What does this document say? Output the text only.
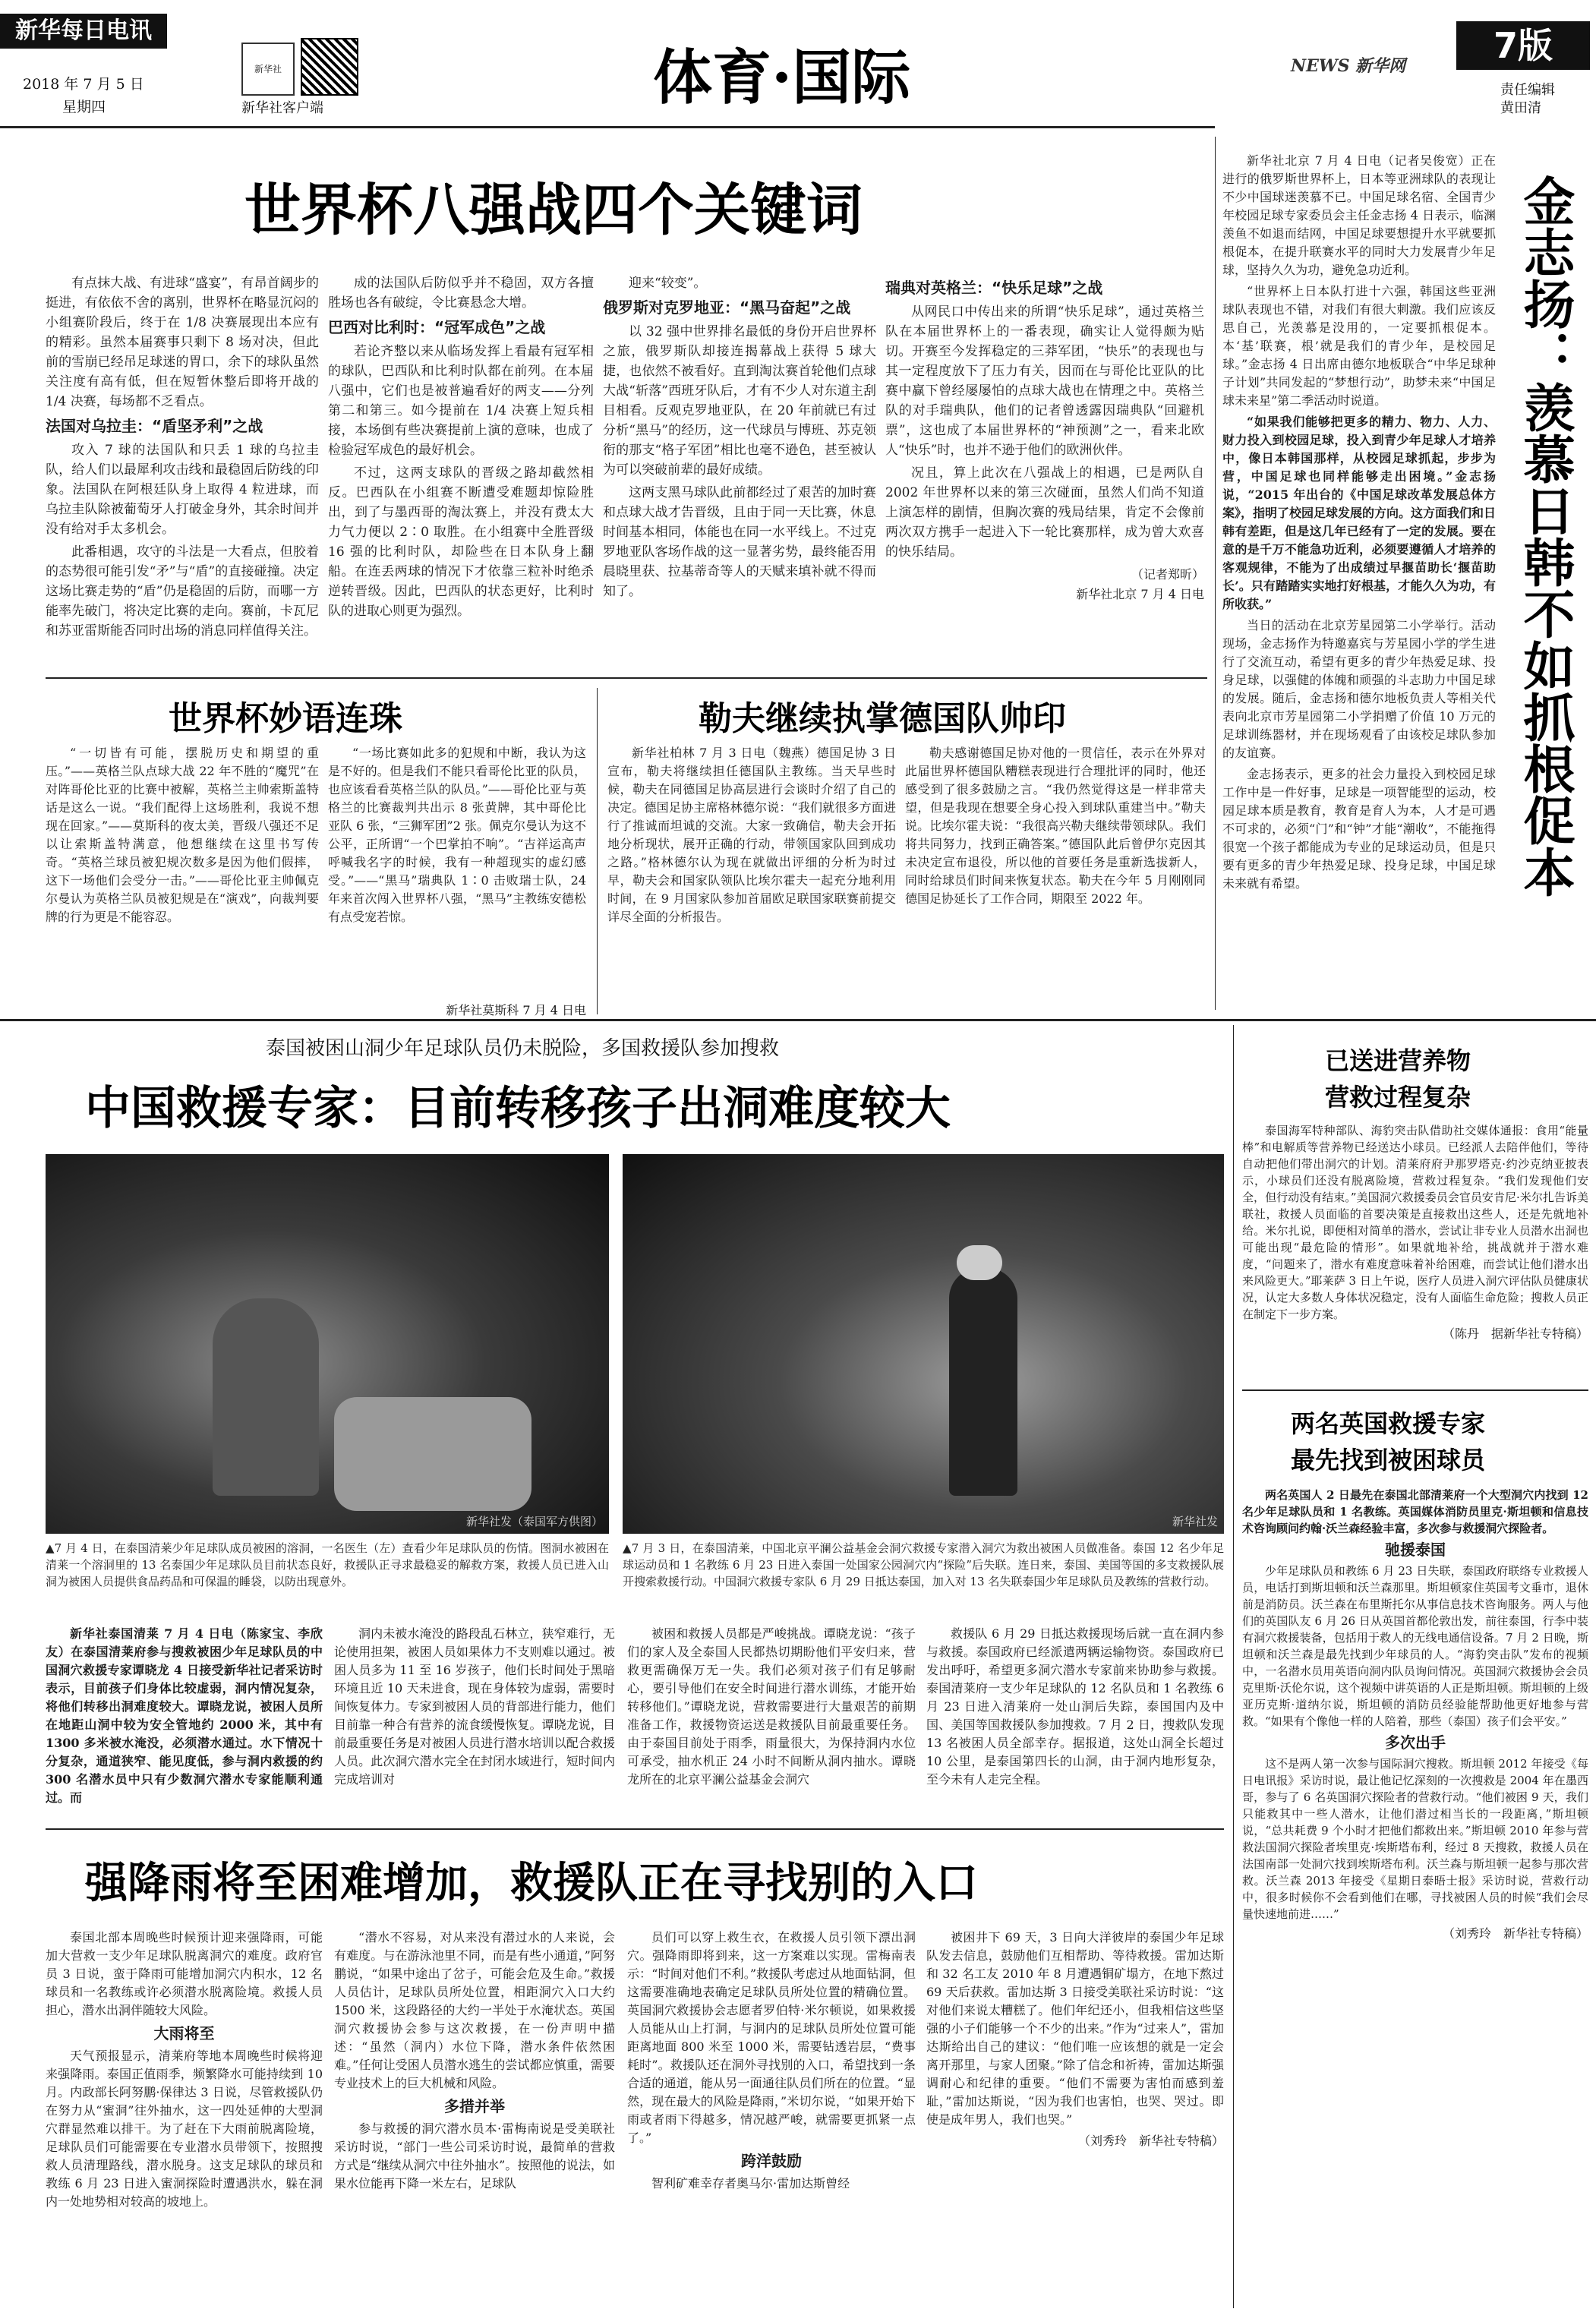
新华每日电讯
2018 年 7 月 5 日
星期四
新华社
新华社客户端	体育·国际	NEWS 新华网	7版
责任编辑
黄田清
世界杯八强战四个关键词

有点抹大战、有进球“盛宴”，有昂首阔步的挺进，有依依不舍的离别，世界杯在略显沉闷的小组赛阶段后，终于在 1/8 决赛展现出本应有的精彩。虽然本届赛事只剩下 8 场对决，但此前的雪崩已经吊足球迷的胃口，余下的球队虽然关注度有高有低，但在短暂休整后即将开战的 1/4 决赛，每场都不乏看点。

法国对乌拉圭：“盾坚矛利”之战

攻入 7 球的法国队和只丢 1 球的乌拉圭队，给人们以最犀利攻击线和最稳固后防线的印象。法国队在阿根廷队身上取得 4 粒进球，而乌拉圭队除被葡萄牙人打破金身外，其余时间并没有给对手太多机会。

此番相遇，攻守的斗法是一大看点，但胶着的态势很可能引发“矛”与“盾”的直接碰撞。决定这场比赛走势的“盾”仍是稳固的后防，而哪一方能率先破门，将决定比赛的走向。赛前，卡瓦尼和苏亚雷斯能否同时出场的消息同样值得关注。

成的法国队后防似乎并不稳固，双方各擅胜场也各有破绽，令比赛悬念大增。

巴西对比利时：“冠军成色”之战

若论齐整以来从临场发挥上看最有冠军相的球队，巴西队和比利时队都在前列。在本届八强中，它们也是被普遍看好的两支——分列第二和第三。如今提前在 1/4 决赛上短兵相接，本场倒有些决赛提前上演的意味，也成了检验冠军成色的最好机会。

不过，这两支球队的晋级之路却截然相反。巴西队在小组赛不断遭受难题却惊险胜出，到了与墨西哥的淘汰赛上，并没有费太大力气力便以 2∶0 取胜。在小组赛中全胜晋级 16 强的比利时队，却险些在日本队身上翻船。在连丢两球的情况下才依靠三粒补时绝杀逆转晋级。因此，巴西队的状态更好，比利时队的进取心则更为强烈。

迎来“较变”。

俄罗斯对克罗地亚：“黑马奋起”之战

以 32 强中世界排名最低的身份开启世界杯之旅，俄罗斯队却接连揭幕战上获得 5 球大捷，也依然不被看好。直到淘汰赛首轮他们点球大战“斩落”西班牙队后，才有不少人对东道主刮目相看。反观克罗地亚队，在 20 年前就已有过分析“黑马”的经历，这一代球员与博班、苏克领衔的那支“格子军团”相比也毫不逊色，甚至被认为可以突破前辈的最好成绩。

这两支黑马球队此前都经过了艰苦的加时赛和点球大战才告晋级，且由于同一天比赛，休息时间基本相同，体能也在同一水平线上。不过克罗地亚队客场作战的这一显著劣势，最终能否用晨晓里获、拉基蒂奇等人的天赋来填补就不得而知了。

瑞典对英格兰：“快乐足球”之战

从网民口中传出来的所谓“快乐足球”，通过英格兰队在本届世界杯上的一番表现，确实让人觉得颇为贴切。开赛至今发挥稳定的三莽军团，“快乐”的表现也与其一定程度放下了压力有关，因而在与哥伦比亚队的比赛中赢下曾经屡屡怕的点球大战也在情理之中。英格兰队的对手瑞典队，他们的记者曾透露因瑞典队“回避机票”，这也成了本届世界杯的“神预测”之一，看来北欧人“快乐”时，也并不逊于他们的欧洲伙伴。

况且，算上此次在八强战上的相遇，已是两队自 2002 年世界杯以来的第三次碰面，虽然人们尚不知道上演怎样的剧情，但胸次赛的残局结果，肯定不会像前两次双方携手一起进入下一轮比赛那样，成为曾大欢喜的快乐结局。

（记者郑昕）
新华社北京 7 月 4 日电
世界杯妙语连珠

“一切皆有可能，摆脱历史和期望的重压。”——英格兰队点球大战 22 年不胜的“魔咒”在对阵哥伦比亚的比赛中被解，英格兰主帅索斯盖特话是这么一说。“我们配得上这场胜利，我说不想现在回家。”——莫斯科的夜太美，晋级八强还不足以让索斯盖特满意，他想继续在这里书写传奇。“英格兰球员被犯规次数多是因为他们假摔，这下一场他们会受分一击。”——哥伦比亚主帅佩克尔曼认为英格兰队员被犯规是在“演戏”，向裁判要牌的行为更是不能容忍。

“一场比赛如此多的犯规和中断，我认为这是不好的。但是我们不能只看哥伦比亚的队员，也应该看看英格兰队的队员。”——哥伦比亚与英格兰的比赛裁判共出示 8 张黄牌，其中哥伦比亚队 6 张，“三狮军团”2 张。佩克尔曼认为这不公平，正所谓“一个巴掌拍不响”。“吉祥运高声呼喊我名字的时候，我有一种超现实的虚幻感受。”——“黑马”瑞典队 1∶0 击败瑞士队，24 年来首次闯入世界杯八强，“黑马”主教练安德松有点受宠若惊。

新华社莫斯科 7 月 4 日电
勒夫继续执掌德国队帅印

新华社柏林 7 月 3 日电（魏燕）德国足协 3 日宣布，勒夫将继续担任德国队主教练。当天早些时候，勒夫在同德国足协高层进行会谈时介绍了自己的决定。德国足协主席格林德尔说：“我们就很多方面进行了推诚而坦诚的交流。大家一致确信，勒夫会开拓地分析现状，展开正确的行动，带领国家队回到成功之路。”格林德尔认为现在就做出评细的分析为时过早，勒夫会和国家队领队比埃尔霍夫一起充分地利用时间，在 9 月国家队参加首届欧足联国家联赛前提交详尽全面的分析报告。

勒夫感谢德国足协对他的一贯信任，表示在外界对此届世界杯德国队糟糕表现进行合理批评的同时，他还感受到了很多鼓励之言。“我仍然觉得这是一样非常夫望，但是我现在想要全身心投入到球队重建当中。”勒夫说。比埃尔霍夫说：“我很高兴勒夫继续带领球队。我们将共同努力，找到正确答案。”德国队此后曾伊尔克因其未决定宣布退役，所以他的首要任务是重新选拔新人，同时给球员们时间来恢复状态。勒夫在今年 5 月刚刚同德国足协延长了工作合同，期限至 2022 年。

新华社北京 7 月 4 日电（记者吴俊宽）正在进行的俄罗斯世界杯上，日本等亚洲球队的表现让不少中国球迷羡慕不已。中国足球名宿、全国青少年校园足球专家委员会主任金志扬 4 日表示，临渊羡鱼不如退而结网，中国足球要想提升水平就要抓根促本，在提升联赛水平的同时大力发展青少年足球，坚持久久为功，避免急功近利。

“世界杯上日本队打进十六强，韩国这些亚洲球队表现也不错，对我们有很大刺激。我们应该反思自己，光羡慕是没用的，一定要抓根促本。本‘基’联赛，根’就是我们的青少年，是校园足球。”金志扬 4 日出席由德尔地板联合“中华足球种子计划”共同发起的“梦想行动”，助梦未来“中国足球未来星”第二季活动时说道。

“如果我们能够把更多的精力、物力、人力、财力投入到校园足球，投入到青少年足球人才培养中，像日本韩国那样，从校园足球抓起，步步为营，中国足球也同样能够走出困境。”金志扬说，“2015 年出台的《中国足球改革发展总体方案》，指明了校园足球发展的方向。这方面我们和日韩有差距，但是这几年已经有了一定的发展。要在意的是千万不能急功近利，必须要遵循人才培养的客观规律，不能为了出成绩过早揠苗助长‘揠苗助长’。只有踏踏实实地打好根基，才能久久为功，有所收获。”

当日的活动在北京芳星园第二小学举行。活动现场，金志扬作为特邀嘉宾与芳星园小学的学生进行了交流互动，希望有更多的青少年热爱足球、投身足球，以强健的体魄和顽强的斗志助力中国足球的发展。随后，金志扬和德尔地板负责人等相关代表向北京市芳星园第二小学捐赠了价值 10 万元的足球训练器材，并在现场观看了由该校足球队参加的友谊赛。

金志扬表示，更多的社会力量投入到校园足球工作中是一件好事，足球是一项智能型的运动，校园足球本质是教育，教育是育人为本，人才是可遇不可求的，必须“门”和“钟”才能“潮收”，不能拖得很宽一个孩子都能成为专业的足球运动员，但是只要有更多的青少年热爱足球、投身足球，中国足球未来就有希望。	金志扬：羡慕日韩不如抓根促本
泰国被困山洞少年足球队员仍未脱险，多国救援队参加搜救
中国救援专家：目前转移孩子出洞难度较大
新华社发（泰国军方供图）
▲7 月 4 日，在泰国清莱少年足球队成员被困的溶洞，一名医生（左）查看少年足球队员的伤情。图洞水被困在清莱一个溶洞里的 13 名泰国少年足球队员目前状态良好，救援队正寻求最稳妥的解救方案，救援人员已进入山洞为被困人员提供食品药品和可保温的睡袋，以防出现意外。
新华社发
▲7 月 3 日，在泰国清莱，中国北京平澜公益基金会洞穴救援专家潜入洞穴为救出被困人员做准备。泰国 12 名少年足球运动员和 1 名教练 6 月 23 日进入泰国一处国家公园洞穴内“探险”后失联。连日来，泰国、美国等国的多支救援队展开搜索救援行动。中国洞穴救援专家队 6 月 29 日抵达泰国，加入对 13 名失联泰国少年足球队员及教练的营救行动。

新华社泰国清莱 7 月 4 日电（陈家宝、李欣友）在泰国清莱府参与搜救被困少年足球队员的中国洞穴救援专家谭晓龙 4 日接受新华社记者采访时表示，目前孩子们身体比较虚弱，洞内情况复杂，将他们转移出洞难度较大。谭晓龙说，被困人员所在地距山洞中较为安全管地约 2000 米，其中有 1300 多米被水淹没，必须潜水通过。水下情况十分复杂，通道狭窄、能见度低，参与洞内救援的约 300 名潜水员中只有少数洞穴潜水专家能顺利通过。而

洞内未被水淹没的路段乱石林立，狭窄难行，无论使用担架，被困人员如果体力不支则难以通过。被困人员多为 11 至 16 岁孩子，他们长时间处于黑暗环境且近 10 天未进食，现在身体较为虚弱，需要时间恢复体力。专家到被困人员的背部进行能力，他们目前靠一种合有营养的流食缓慢恢复。谭晓龙说，目前最重要任务是对被困人员进行潜水培训以配合救援人员。此次洞穴潜水完全在封闭水域进行，短时间内完成培训对

被困和救援人员都是严峻挑战。谭晓龙说：“孩子们的家人及全泰国人民都热切期盼他们平安归来，营救更需确保万无一失。我们必须对孩子们有足够耐心，要引导他们在安全时间进行潜水训练，才能开始转移他们。”谭晓龙说，营救需要进行大量艰苦的前期准备工作，救援物资运送是救援队目前最重要任务。由于泰国目前处于雨季，雨量很大，为保持洞内水位可承受，抽水机正 24 小时不间断从洞内抽水。谭晓龙所在的北京平澜公益基金会洞穴

救援队 6 月 29 日抵达救援现场后就一直在洞内参与救援。泰国政府已经派遣两辆运输物资。泰国政府已发出呼吁，希望更多洞穴潜水专家前来协助参与救援。泰国清莱府一支少年足球队的 12 名队员和 1 名教练 6 月 23 日进入清莱府一处山洞后失踪，泰国国内及中国、美国等国救援队参加搜救。7 月 2 日，搜救队发现 13 名被困人员全部幸存。据报道，这处山洞全长超过 10 公里，是泰国第四长的山洞，由于洞内地形复杂，至今未有人走完全程。

强降雨将至困难增加，救援队正在寻找别的入口

泰国北部本周晚些时候预计迎来强降雨，可能加大营救一支少年足球队脱离洞穴的难度。政府官员 3 日说，蛮于降雨可能增加洞穴内积水，12 名球员和一名教练或许必须潜水脱离险境。救援人员担心，潜水出洞伴随较大风险。

大雨将至

天气预报显示，清莱府等地本周晚些时候将迎来强降雨。泰国正值雨季，频繁降水可能持续到 10 月。内政部长阿努鹏·保律达 3 日说，尽管救援队仍在努力从“蜜洞”往外抽水，这一四处延伸的大型洞穴群显然难以排干。为了赶在下大雨前脱离险境，足球队员们可能需要在专业潜水员带领下，按照搜救人员清理路线，潜水脱身。这支足球队的球员和教练 6 月 23 日进入蜜洞探险时遭遇洪水，躲在洞内一处地势相对较高的坡地上。

“潜水不容易，对从来没有潜过水的人来说，会有难度。与在游泳池里不同，而是有些小通道，”阿努鹏说，“如果中途出了岔子，可能会危及生命。”救援人员估计，足球队员所处位置，相距洞穴入口大约 1500 米，这段路径的大约一半处于水淹状态。英国洞穴救援协会参与这次救援，在一份声明中描述：“虽然（洞内）水位下降，潜水条件依然困难。”任何让受困人员潜水逃生的尝试都应慎重，需要专业技术上的巨大机械和风险。

多措并举

参与救援的洞穴潜水员本·雷梅南说是受美联社采访时说，“部门一些公司采访时说，最简单的营救方式是“继续从洞穴中往外抽水”。按照他的说法，如果水位能再下降一米左右，足球队

员们可以穿上救生衣，在救援人员引领下漂出洞穴。强降雨即将到来，这一方案难以实现。雷梅南表示：“时间对他们不利。”救援队考虑过从地面钻洞，但这需要准确地表确定足球队员所处位置的精确位置。英国洞穴救援协会志愿者罗伯特·米尔顿说，如果救援人员能从山上打洞，与洞内的足球队员所处位置可能距离地面 800 米至 1000 米，需要钻透岩层，“费事耗时”。救援队还在洞外寻找别的入口，希望找到一条合适的通道，能从另一面通往队员们所在的位置。“显然，现在最大的风险是降雨，”米切尔说，“如果开始下雨或者雨下得越多，情况越严峻，就需要更抓紧一点了。”

跨洋鼓励

智利矿难幸存者奥马尔·雷加达斯曾经

被困井下 69 天，3 日向大洋彼岸的泰国少年足球队发去信息，鼓励他们互相帮助、等待救援。雷加达斯和 32 名工友 2010 年 8 月遭遇铜矿塌方，在地下熬过 69 天后获救。雷加达斯 3 日接受美联社采访时说：“这对他们来说太糟糕了。他们年纪还小，但我相信这些坚强的小子们能够一个不少的出来。”作为“过来人”，雷加达斯给出自己的建议：“他们唯一应该想的就是一定会离开那里，与家人团聚。”除了信念和祈祷，雷加达斯强调耐心和纪律的重要。“他们不需要为害怕而感到羞耻，”雷加达斯说，“因为我们也害怕，也哭、哭过。即使是成年男人，我们也哭。”

（刘秀玲　新华社专特稿）
已送进营养物
营救过程复杂

泰国海军特种部队、海豹突击队借助社交媒体通报：食用“能量棒”和电解质等营养物已经送达小球员。已经派人去陪伴他们，等待自动把他们带出洞穴的计划。清莱府府尹那罗塔克·约沙克纳亚披表示，小球员们还没有脱离险境，营救过程复杂。“我们发现他们安全，但行动没有结束。”美国洞穴救援委员会官员安肯尼·米尔扎告诉美联社，救援人员面临的首要决策是直接救出这些人，还是先就地补给。米尔扎说，即便相对简单的潜水，尝试让非专业人员潜水出洞也可能出现“最危险的情形”。如果就地补给，挑战就并于潜水难度，“问题来了，潜水有难度意味着补给困难，而尝试让他们潜水出来风险更大。”耶莱萨 3 日上午说，医疗人员进入洞穴评估队员健康状况，认定大多数人身体状况稳定，没有人面临生命危险；搜救人员正在制定下一步方案。

（陈丹　据新华社专特稿）
两名英国救援专家
最先找到被困球员

两名英国人 2 日最先在泰国北部清莱府一个大型洞穴内找到 12 名少年足球队员和 1 名教练。英国媒体消防员里克·斯坦顿和信息技术咨询顾问约翰·沃兰森经验丰富，多次参与救援洞穴探险者。

驰援泰国

少年足球队员和教练 6 月 23 日失联，泰国政府联络专业救援人员，电话打到斯坦顿和沃兰森那里。斯坦顿家住英国考文垂市，退休前是消防员。沃兰森在布里斯托尔从事信息技术咨询服务。两人与他们的英国队友 6 月 26 日从英国首都伦敦出发，前往泰国，行李中装有洞穴救援装备，包括用于救人的无线电通信设备。7 月 2 日晚，斯坦顿和沃兰森是最先找到少年球员的人。“海豹突击队”发布的视频中，一名潜水员用英语向洞内队员询问情况。英国洞穴救援协会会员克里斯·沃伦尔说，这个视频中讲英语的人正是斯坦顿。斯坦顿的上级亚历克斯·道纳尔说，斯坦顿的消防员经验能帮助他更好地参与营救。“如果有个像他一样的人陪着，那些（泰国）孩子们会平安。”

多次出手

这不是两人第一次参与国际洞穴搜救。斯坦顿 2012 年接受《每日电讯报》采访时说，最让他记忆深刻的一次搜救是 2004 年在墨西哥，参与了 6 名英国洞穴探险者的营救行动。“他们被困 9 天，我们只能救其中一些人潜水，让他们潜过相当长的一段距离，”斯坦顿说，“总共耗费 9 个小时才把他们都救出来。”斯坦顿 2010 年参与营救法国洞穴探险者埃里克·埃斯塔布利，经过 8 天搜救，救援人员在法国南部一处洞穴找到埃斯塔布利。沃兰森与斯坦顿一起参与那次营救。沃兰森 2013 年接受《星期日泰晤士报》采访时说，营救行动中，很多时候你不会看到他们在哪，寻找被困人员的时候“我们会尽量快速地前进……”

（刘秀玲　新华社专特稿）
